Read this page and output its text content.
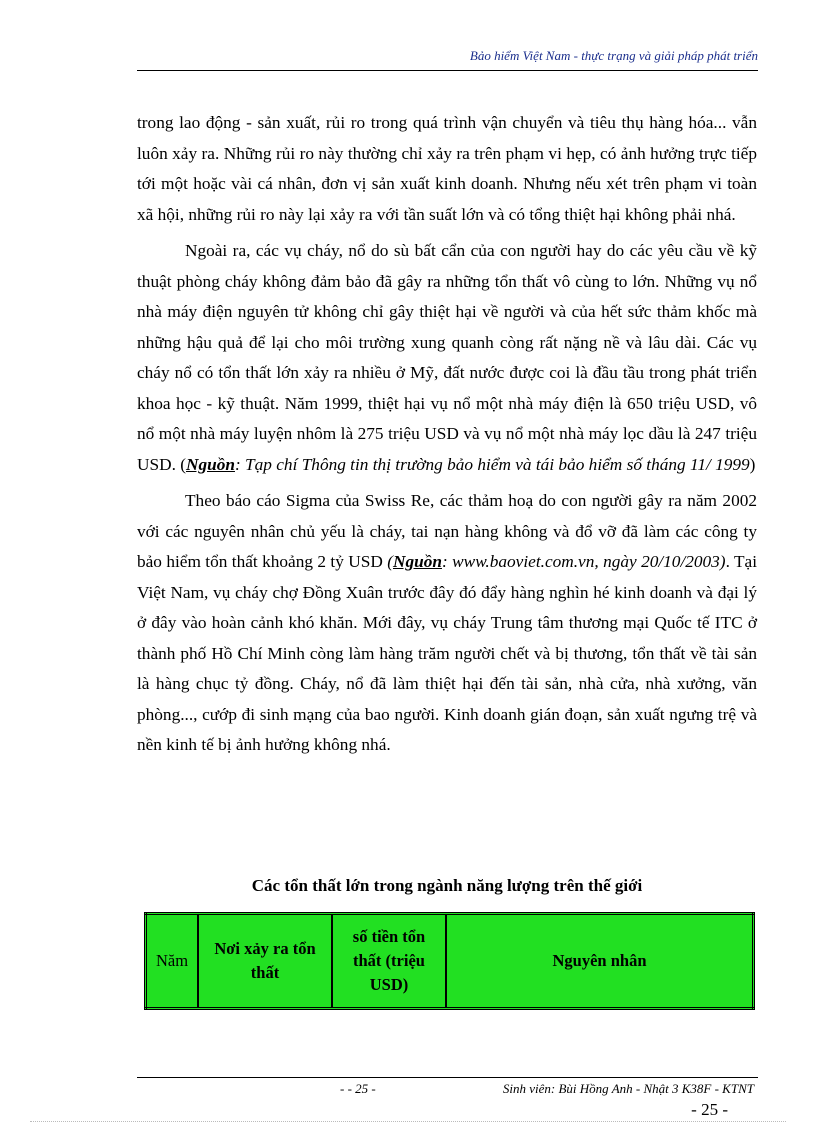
Bảo hiểm Việt Nam - thực trạng và giải pháp phát triển

trong lao động - sản xuất, rủi ro trong quá trình vận chuyển và tiêu thụ hàng hóa... vẫn luôn xảy ra. Những rủi ro này thường chỉ xảy ra trên phạm vi hẹp, có ảnh hưởng trực tiếp tới một hoặc vài cá nhân, đơn vị sản xuất kinh doanh. Nhưng nếu xét trên phạm vi toàn xã hội, những rủi ro này lại xảy ra với tần suất lớn và có tổng thiệt hại không phải nhá.

Ngoài ra, các vụ cháy, nổ do sù bất cẩn của con người hay do các yêu cầu về kỹ thuật phòng cháy không đảm bảo đã gây ra những tổn thất vô cùng to lớn. Những vụ nổ nhà máy điện nguyên tử không chỉ gây thiệt hại về người và của hết sức thảm khốc mà những hậu quả để lại cho môi trường xung quanh còng rất nặng nề và lâu dài. Các vụ cháy nổ có tổn thất lớn xảy ra nhiều ở Mỹ, đất nước được coi là đầu tầu trong phát triển khoa học - kỹ thuật. Năm 1999, thiệt hại vụ nổ một nhà máy điện là 650 triệu USD, vô nổ một nhà máy luyện nhôm là 275 triệu USD và vụ nổ một nhà máy lọc dầu là 247 triệu USD. (Nguồn: Tạp chí Thông tin thị trường bảo hiểm và tái bảo hiểm số tháng 11/ 1999)

Theo báo cáo Sigma của Swiss Re, các thảm hoạ do con người gây ra năm 2002 với các nguyên nhân chủ yếu là cháy, tai nạn hàng không và đổ vỡ đã làm các công ty bảo hiểm tổn thất khoảng 2 tỷ USD (Nguồn: www.baoviet.com.vn, ngày 20/10/2003). Tại Việt Nam, vụ cháy chợ Đồng Xuân trước đây đó đẩy hàng nghìn hé kinh doanh và đại lý ở đây vào hoàn cảnh khó khăn. Mới đây, vụ cháy Trung tâm thương mại Quốc tế ITC ở thành phố Hồ Chí Minh còng làm hàng trăm người chết và bị thương, tổn thất về tài sản là hàng chục tỷ đồng. Cháy, nổ đã làm thiệt hại đến tài sản, nhà cửa, nhà xưởng, văn phòng..., cướp đi sinh mạng của bao người. Kinh doanh gián đoạn, sản xuất ngưng trệ và nền kinh tế bị ảnh hưởng không nhá.

Các tổn thất lớn trong ngành năng lượng trên thế giới
Năm	Nơi xảy ra tổn thất	số tiền tổn thất (triệu USD)	Nguyên nhân
- - 25 -	Sinh viên: Bùi Hồng Anh - Nhật 3 K38F - KTNT
- 25 -
